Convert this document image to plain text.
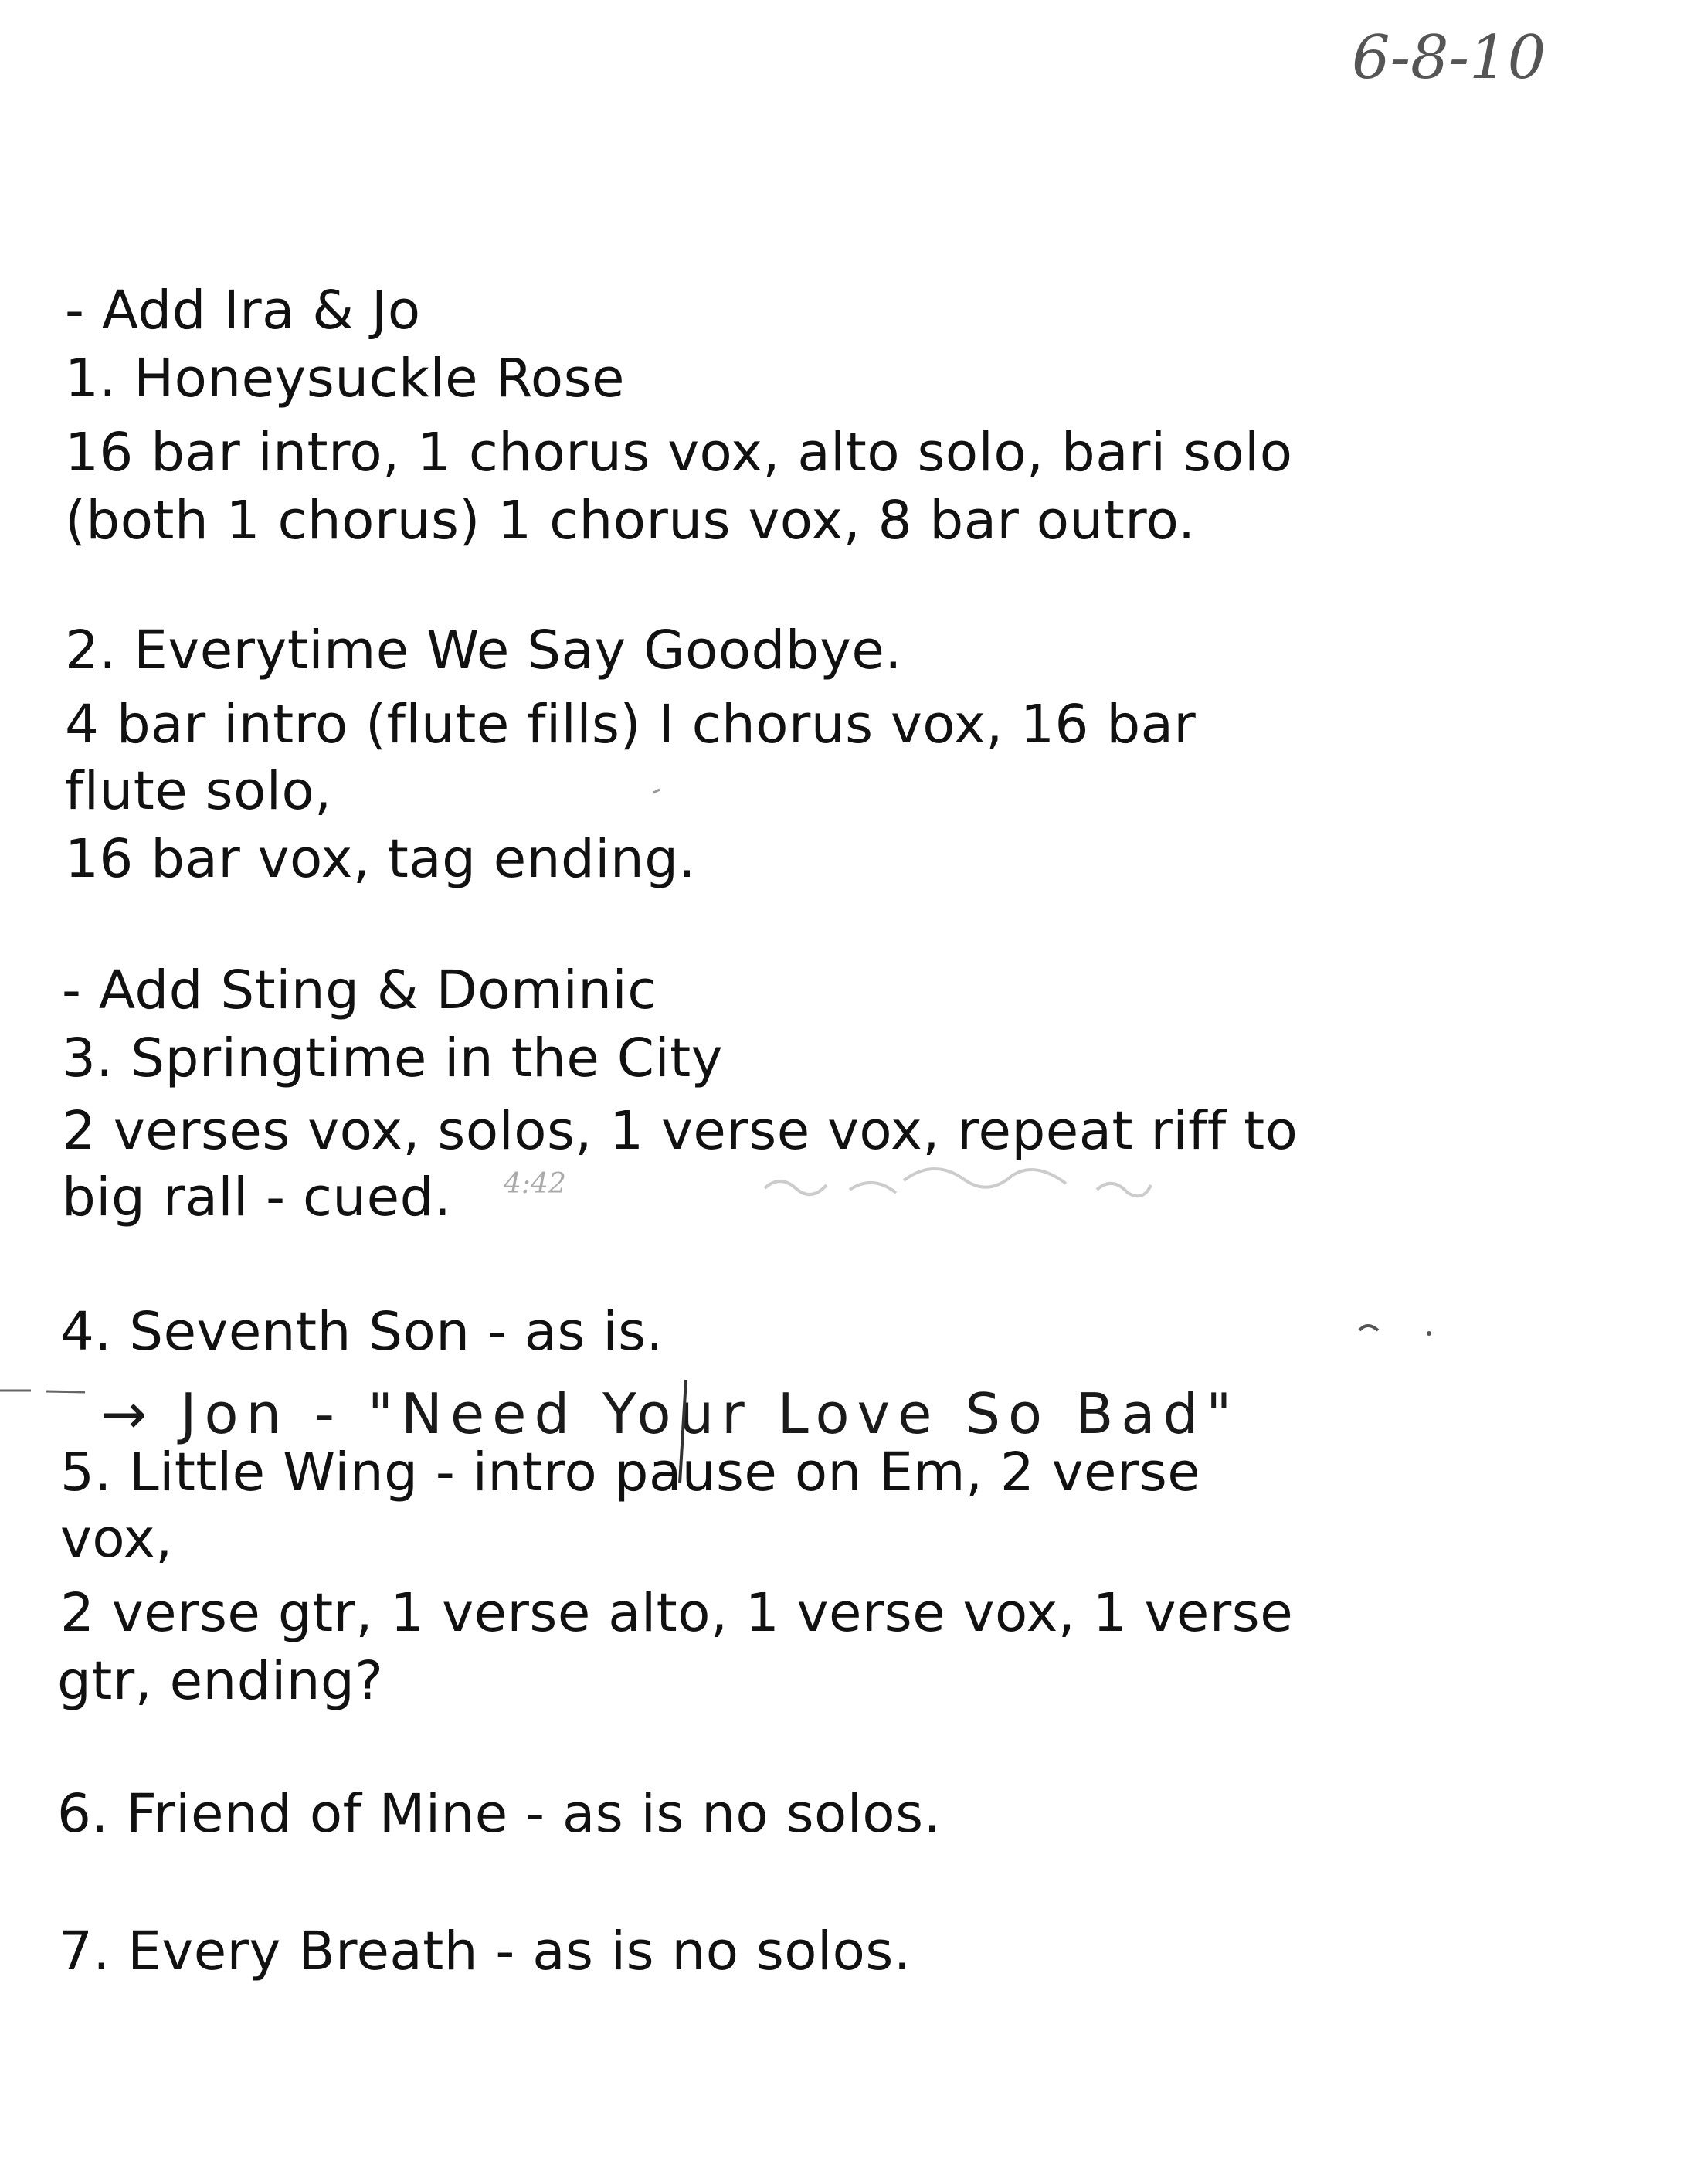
6-8-10
- Add Ira & Jo
1. Honeysuckle Rose
16 bar intro, 1 chorus vox, alto solo, bari solo
(both 1 chorus) 1 chorus vox, 8 bar outro.
2. Everytime We Say Goodbye.
4 bar intro (flute fills) I chorus vox, 16 bar
flute solo,
16 bar vox, tag ending.
- Add Sting & Dominic
3. Springtime in the City
2 verses vox, solos, 1 verse vox, repeat riff to
big rall - cued. 4:42
4. Seventh Son - as is.
→ Jon - "Need Your Love So Bad"
5. Little Wing - intro pause on Em, 2 verse
vox,
2 verse gtr, 1 verse alto, 1 verse vox, 1 verse
gtr, ending?
6. Friend of Mine - as is no solos.
7. Every Breath - as is no solos.
